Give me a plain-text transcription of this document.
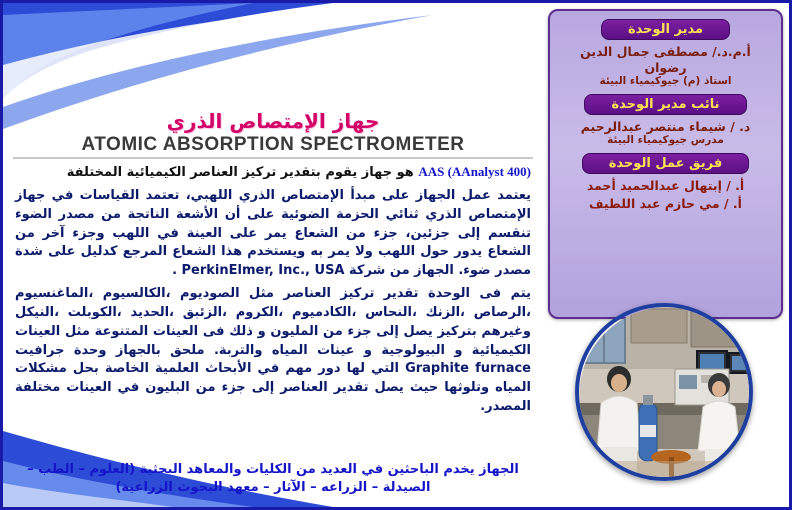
مدير الوحدة
أ.م.د./ مصطفى جمال الدين رضوان
استاذ (م) جيوكيمياء البيئة
نائب مدير الوحدة
د. / شيماء منتصر عبدالرحيم
مدرس جيوكيمياء البيئة
فريق عمل الوحدة
أ. / إبتهال عبدالحميد أحمد
أ. / مي حازم عبد اللطيف
جهاز الإمتصاص الذري
ATOMIC ABSORPTION SPECTROMETER
AAS (AAnalyst 400) هو جهاز يقوم بتقدير تركيز العناصر الكيميائية المختلفة
يعتمد عمل الجهاز على مبدأ الإمتصاص الذري اللهبي، تعتمد القياسات في جهاز الإمتصاص الذري ثنائي الحزمة الضوئية على أن الأشعة الناتجة من مصدر الضوء تنقسم إلى جزئين، جزء من الشعاع يمر على العينة في اللهب وجزء آخر من الشعاع يدور حول اللهب ولا يمر به ويستخدم هذا الشعاع المرجع كدليل على شدة مصدر ضوء. الجهاز من شركة PerkinElmer, Inc., USA .
يتم فى الوحدة تقدير تركيز العناصر مثل الصوديوم ،الكالسيوم ،الماغنسيوم ،الرصاص ،الزنك ،النحاس ،الكادميوم ،الكروم ،الزئبق ،الحديد ،الكوبلت ،النيكل وغيرهم بتركيز يصل إلى جزء من المليون و ذلك فى العينات المتنوعة مثل العينات الكيميائية و البيولوجية و عينات المياه والتربة. ملحق بالجهاز وحدة جرافيت Graphite furnace التي لها دور مهم في الأبحاث العلمية الخاصة بحل مشكلات المياه وتلوثها حيث يصل تقدير العناصر إلى جزء من البليون في العينات مختلفة المصدر.
الجهاز يخدم الباحثين في العديد من الكليات والمعاهد البحثية (العلوم – الطب – الصيدلة – الزراعه – الآثار – معهد البحوث الزراعية)
